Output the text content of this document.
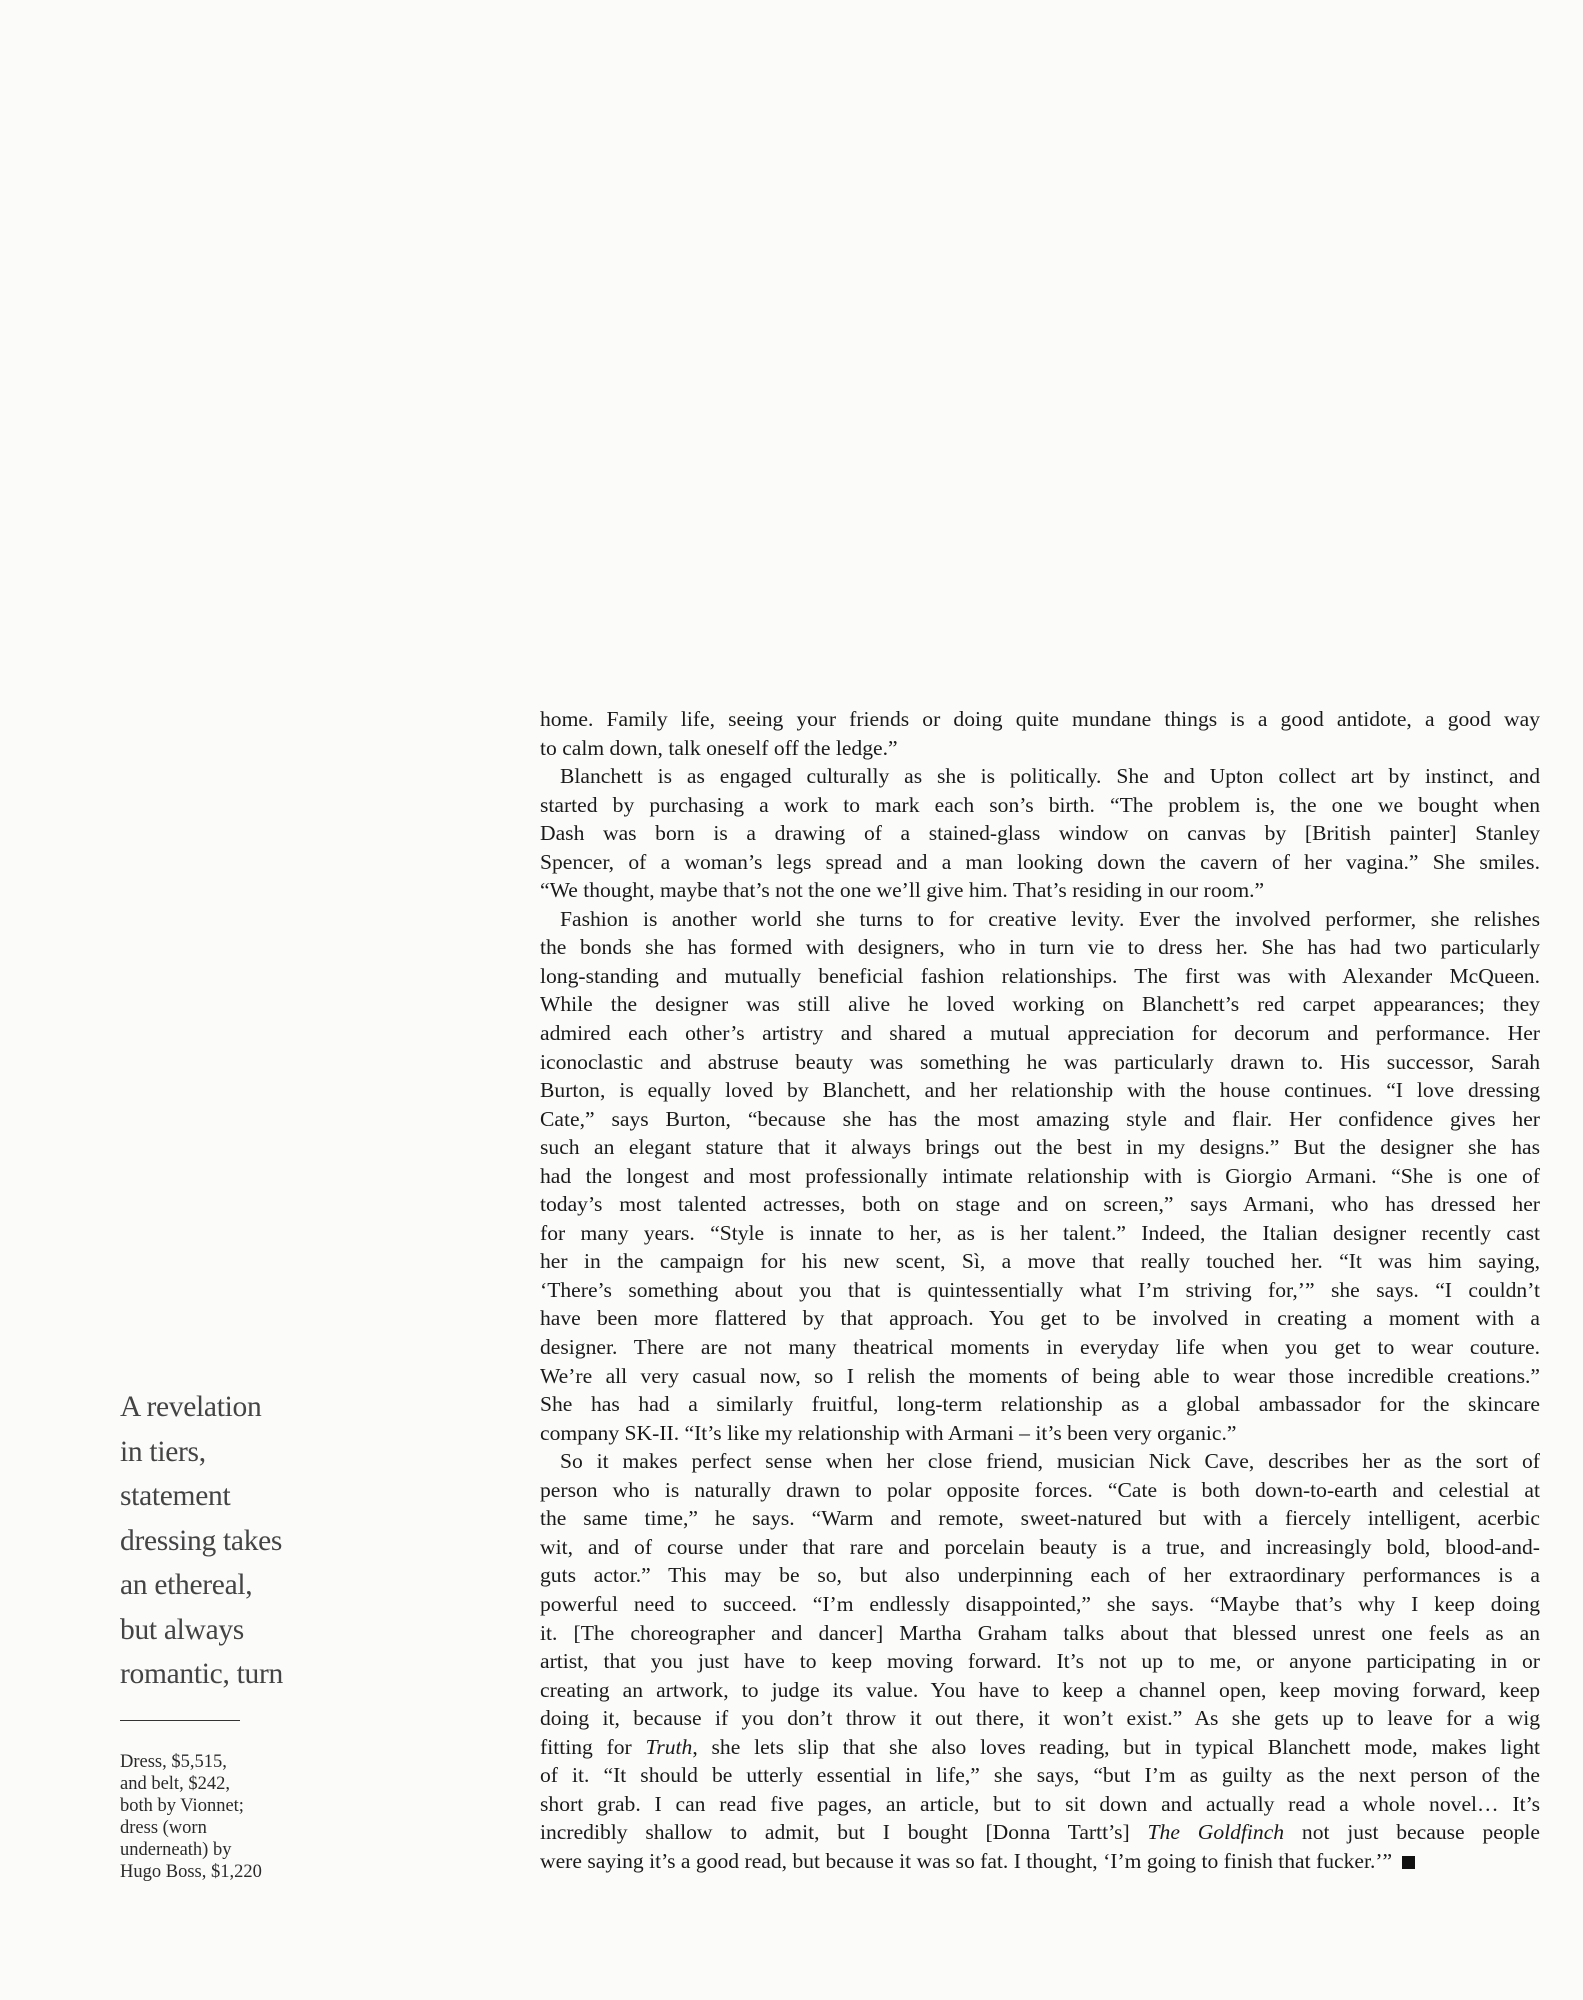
A revelation
in tiers,
statement
dressing takes
an ethereal,
but always
romantic, turn
Dress, $5,515,
and belt, $242,
both by Vionnet;
dress (worn
underneath) by
Hugo Boss, $1,220
home. Family life, seeing your friends or doing quite mundane things is a good antidote, a good way
to calm down, talk oneself off the ledge.”
Blanchett is as engaged culturally as she is politically. She and Upton collect art by instinct, and
started by purchasing a work to mark each son’s birth. “The problem is, the one we bought when
Dash was born is a drawing of a stained-glass window on canvas by [British painter] Stanley
Spencer, of a woman’s legs spread and a man looking down the cavern of her vagina.” She smiles.
“We thought, maybe that’s not the one we’ll give him. That’s residing in our room.”
Fashion is another world she turns to for creative levity. Ever the involved performer, she relishes
the bonds she has formed with designers, who in turn vie to dress her. She has had two particularly
long-standing and mutually beneficial fashion relationships. The first was with Alexander McQueen.
While the designer was still alive he loved working on Blanchett’s red carpet appearances; they
admired each other’s artistry and shared a mutual appreciation for decorum and performance. Her
iconoclastic and abstruse beauty was something he was particularly drawn to. His successor, Sarah
Burton, is equally loved by Blanchett, and her relationship with the house continues. “I love dressing
Cate,” says Burton, “because she has the most amazing style and flair. Her confidence gives her
such an elegant stature that it always brings out the best in my designs.” But the designer she has
had the longest and most professionally intimate relationship with is Giorgio Armani. “She is one of
today’s most talented actresses, both on stage and on screen,” says Armani, who has dressed her
for many years. “Style is innate to her, as is her talent.” Indeed, the Italian designer recently cast
her in the campaign for his new scent, Sì, a move that really touched her. “It was him saying,
‘There’s something about you that is quintessentially what I’m striving for,’” she says. “I couldn’t
have been more flattered by that approach. You get to be involved in creating a moment with a
designer. There are not many theatrical moments in everyday life when you get to wear couture.
We’re all very casual now, so I relish the moments of being able to wear those incredible creations.”
She has had a similarly fruitful, long-term relationship as a global ambassador for the skincare
company SK-II. “It’s like my relationship with Armani – it’s been very organic.”
So it makes perfect sense when her close friend, musician Nick Cave, describes her as the sort of
person who is naturally drawn to polar opposite forces. “Cate is both down-to-earth and celestial at
the same time,” he says. “Warm and remote, sweet-natured but with a fiercely intelligent, acerbic
wit, and of course under that rare and porcelain beauty is a true, and increasingly bold, blood-and-
guts actor.” This may be so, but also underpinning each of her extraordinary performances is a
powerful need to succeed. “I’m endlessly disappointed,” she says. “Maybe that’s why I keep doing
it. [The choreographer and dancer] Martha Graham talks about that blessed unrest one feels as an
artist, that you just have to keep moving forward. It’s not up to me, or anyone participating in or
creating an artwork, to judge its value. You have to keep a channel open, keep moving forward, keep
doing it, because if you don’t throw it out there, it won’t exist.” As she gets up to leave for a wig
fitting for Truth, she lets slip that she also loves reading, but in typical Blanchett mode, makes light
of it. “It should be utterly essential in life,” she says, “but I’m as guilty as the next person of the
short grab. I can read five pages, an article, but to sit down and actually read a whole novel… It’s
incredibly shallow to admit, but I bought [Donna Tartt’s] The Goldfinch not just because people
were saying it’s a good read, but because it was so fat. I thought, ‘I’m going to finish that fucker.’”
